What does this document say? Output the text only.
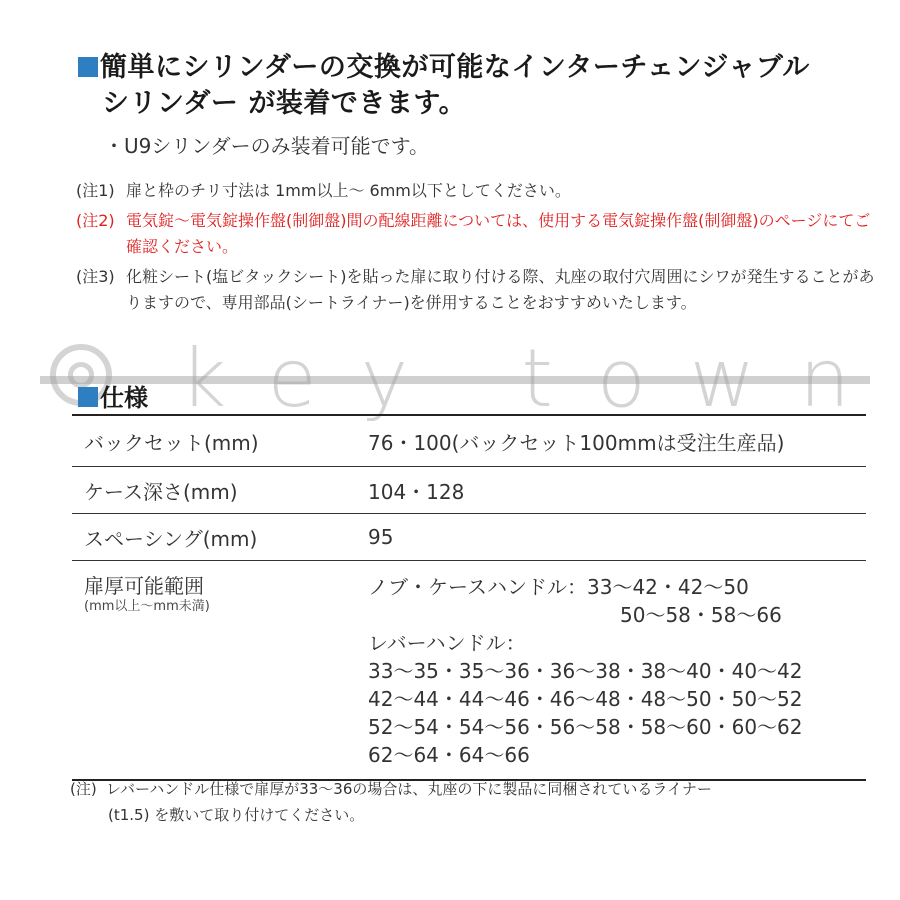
簡単にシリンダーの交換が可能なインターチェンジャブル
シリンダー が装着できます。
・U9シリンダーのみ装着可能です。
(注1) 扉と枠のチリ寸法は 1mm以上～ 6mm以下としてください。
(注2) 電気錠～電気錠操作盤(制御盤)間の配線距離については、使用する電気錠操作盤(制御盤)のページにてご確認ください。
(注3) 化粧シート(塩ビタックシート)を貼った扉に取り付ける際、丸座の取付穴周囲にシワが発生することがありますので、専用部品(シートライナー)を併用することをおすすめいたします。
key town
仕様
バックセット(mm)	76・100(バックセット100mmは受注生産品)
ケース深さ(mm)	104・128
スペーシング(mm)	95
扉厚可能範囲
(mm以上～mm未満)
ノブ・ケースハンドル：33～42・42～50
50～58・58～66
レバーハンドル：
33～35・35～36・36～38・38～40・40～42
42～44・44～46・46～48・48～50・50～52
52～54・54～56・56～58・58～60・60～62
62～64・64～66
(注) レバーハンドル仕様で扉厚が33～36の場合は、丸座の下に製品に同梱されているライナー
(t1.5) を敷いて取り付けてください。
